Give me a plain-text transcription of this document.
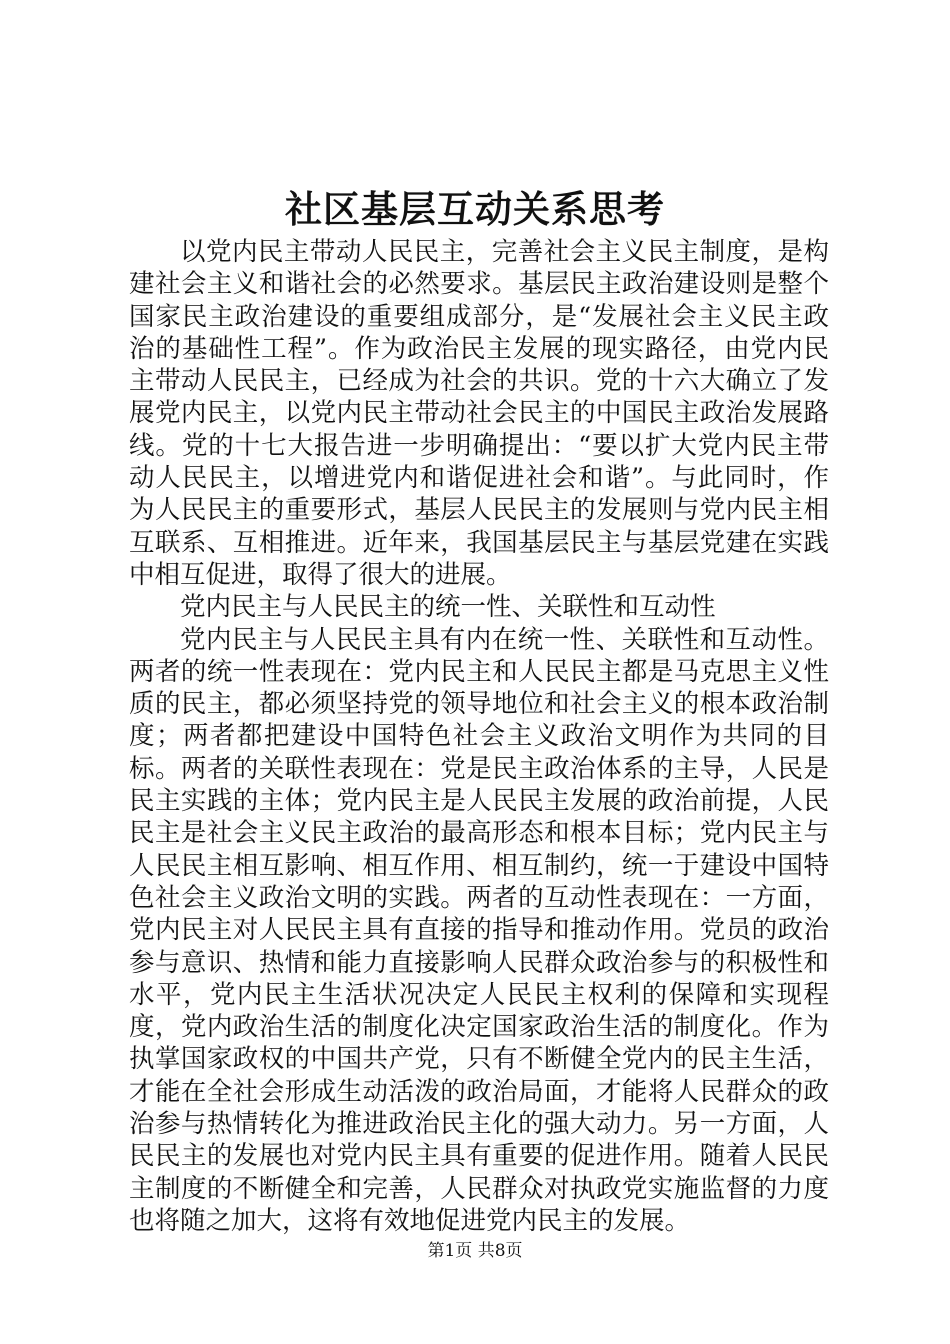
社区基层互动关系思考

以党内民主带动人民民主，完善社会主义民主制度，是构建社会主义和谐社会的必然要求。基层民主政治建设则是整个国家民主政治建设的重要组成部分，是“发展社会主义民主政治的基础性工程”。作为政治民主发展的现实路径，由党内民主带动人民民主，已经成为社会的共识。党的十六大确立了发展党内民主，以党内民主带动社会民主的中国民主政治发展路线。党的十七大报告进一步明确提出：“要以扩大党内民主带动人民民主，以增进党内和谐促进社会和谐”。与此同时，作为人民民主的重要形式，基层人民民主的发展则与党内民主相互联系、互相推进。近年来，我国基层民主与基层党建在实践中相互促进，取得了很大的进展。

党内民主与人民民主的统一性、关联性和互动性

党内民主与人民民主具有内在统一性、关联性和互动性。两者的统一性表现在：党内民主和人民民主都是马克思主义性质的民主，都必须坚持党的领导地位和社会主义的根本政治制度；两者都把建设中国特色社会主义政治文明作为共同的目标。两者的关联性表现在：党是民主政治体系的主导，人民是民主实践的主体；党内民主是人民民主发展的政治前提，人民民主是社会主义民主政治的最高形态和根本目标；党内民主与人民民主相互影响、相互作用、相互制约，统一于建设中国特色社会主义政治文明的实践。两者的互动性表现在：一方面，党内民主对人民民主具有直接的指导和推动作用。党员的政治参与意识、热情和能力直接影响人民群众政治参与的积极性和水平，党内民主生活状况决定人民民主权利的保障和实现程度，党内政治生活的制度化决定国家政治生活的制度化。作为执掌国家政权的中国共产党，只有不断健全党内的民主生活，才能在全社会形成生动活泼的政治局面，才能将人民群众的政治参与热情转化为推进政治民主化的强大动力。另一方面，人民民主的发展也对党内民主具有重要的促进作用。随着人民民主制度的不断健全和完善，人民群众对执政党实施监督的力度也将随之加大，这将有效地促进党内民主的发展。

第1页 共8页
